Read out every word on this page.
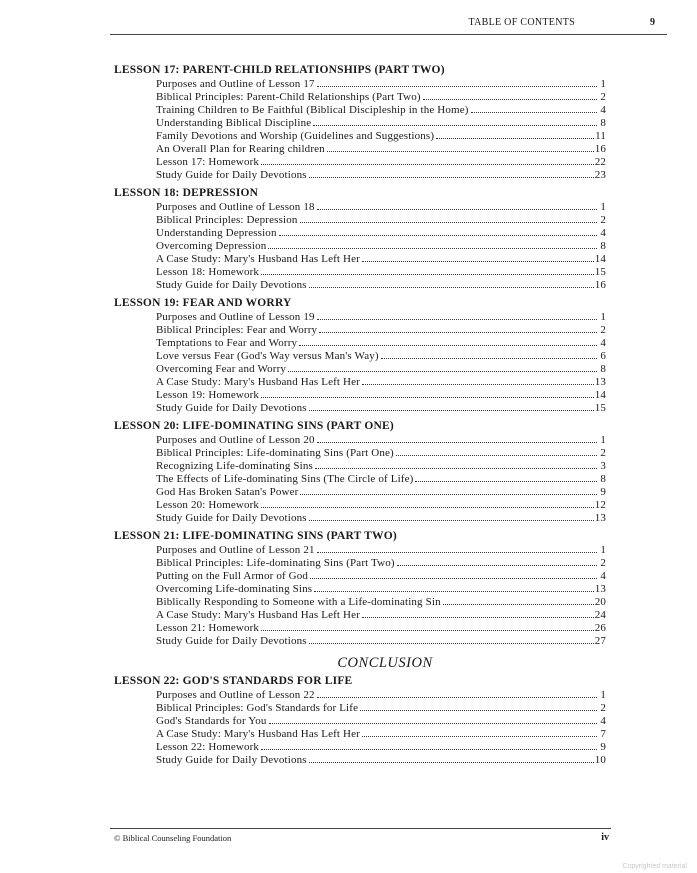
TABLE OF CONTENTS	9
LESSON 17: PARENT-CHILD RELATIONSHIPS (PART TWO)
Purposes and Outline of Lesson 17	1
Biblical Principles: Parent-Child Relationships (Part Two)	2
Training Children to Be Faithful (Biblical Discipleship in the Home)	4
Understanding Biblical Discipline	8
Family Devotions and Worship (Guidelines and Suggestions)	11
An Overall Plan for Rearing children	16
Lesson 17: Homework	22
Study Guide for Daily Devotions	23
LESSON 18: DEPRESSION
Purposes and Outline of Lesson 18	1
Biblical Principles: Depression	2
Understanding Depression	4
Overcoming Depression	8
A Case Study: Mary's Husband Has Left Her	14
Lesson 18: Homework	15
Study Guide for Daily Devotions	16
LESSON 19: FEAR AND WORRY
Purposes and Outline of Lesson 19	1
Biblical Principles: Fear and Worry	2
Temptations to Fear and Worry	4
Love versus Fear (God's Way versus Man's Way)	6
Overcoming Fear and Worry	8
A Case Study: Mary's Husband Has Left Her	13
Lesson 19: Homework	14
Study Guide for Daily Devotions	15
LESSON 20: LIFE-DOMINATING SINS (PART ONE)
Purposes and Outline of Lesson 20	1
Biblical Principles: Life-dominating Sins (Part One)	2
Recognizing Life-dominating Sins	3
The Effects of Life-dominating Sins (The Circle of Life)	8
God Has Broken Satan's Power	9
Lesson 20: Homework	12
Study Guide for Daily Devotions	13
LESSON 21: LIFE-DOMINATING SINS (PART TWO)
Purposes and Outline of Lesson 21	1
Biblical Principles: Life-dominating Sins (Part Two)	2
Putting on the Full Armor of God	4
Overcoming Life-dominating Sins	13
Biblically Responding to Someone with a Life-dominating Sin	20
A Case Study: Mary's Husband Has Left Her	24
Lesson 21: Homework	26
Study Guide for Daily Devotions	27
CONCLUSION
LESSON 22: GOD'S STANDARDS FOR LIFE
Purposes and Outline of Lesson 22	1
Biblical Principles: God's Standards for Life	2
God's Standards for You	4
A Case Study: Mary's Husband Has Left Her	7
Lesson 22: Homework	9
Study Guide for Daily Devotions	10
© Biblical Counseling Foundation	iv
Copyrighted material
